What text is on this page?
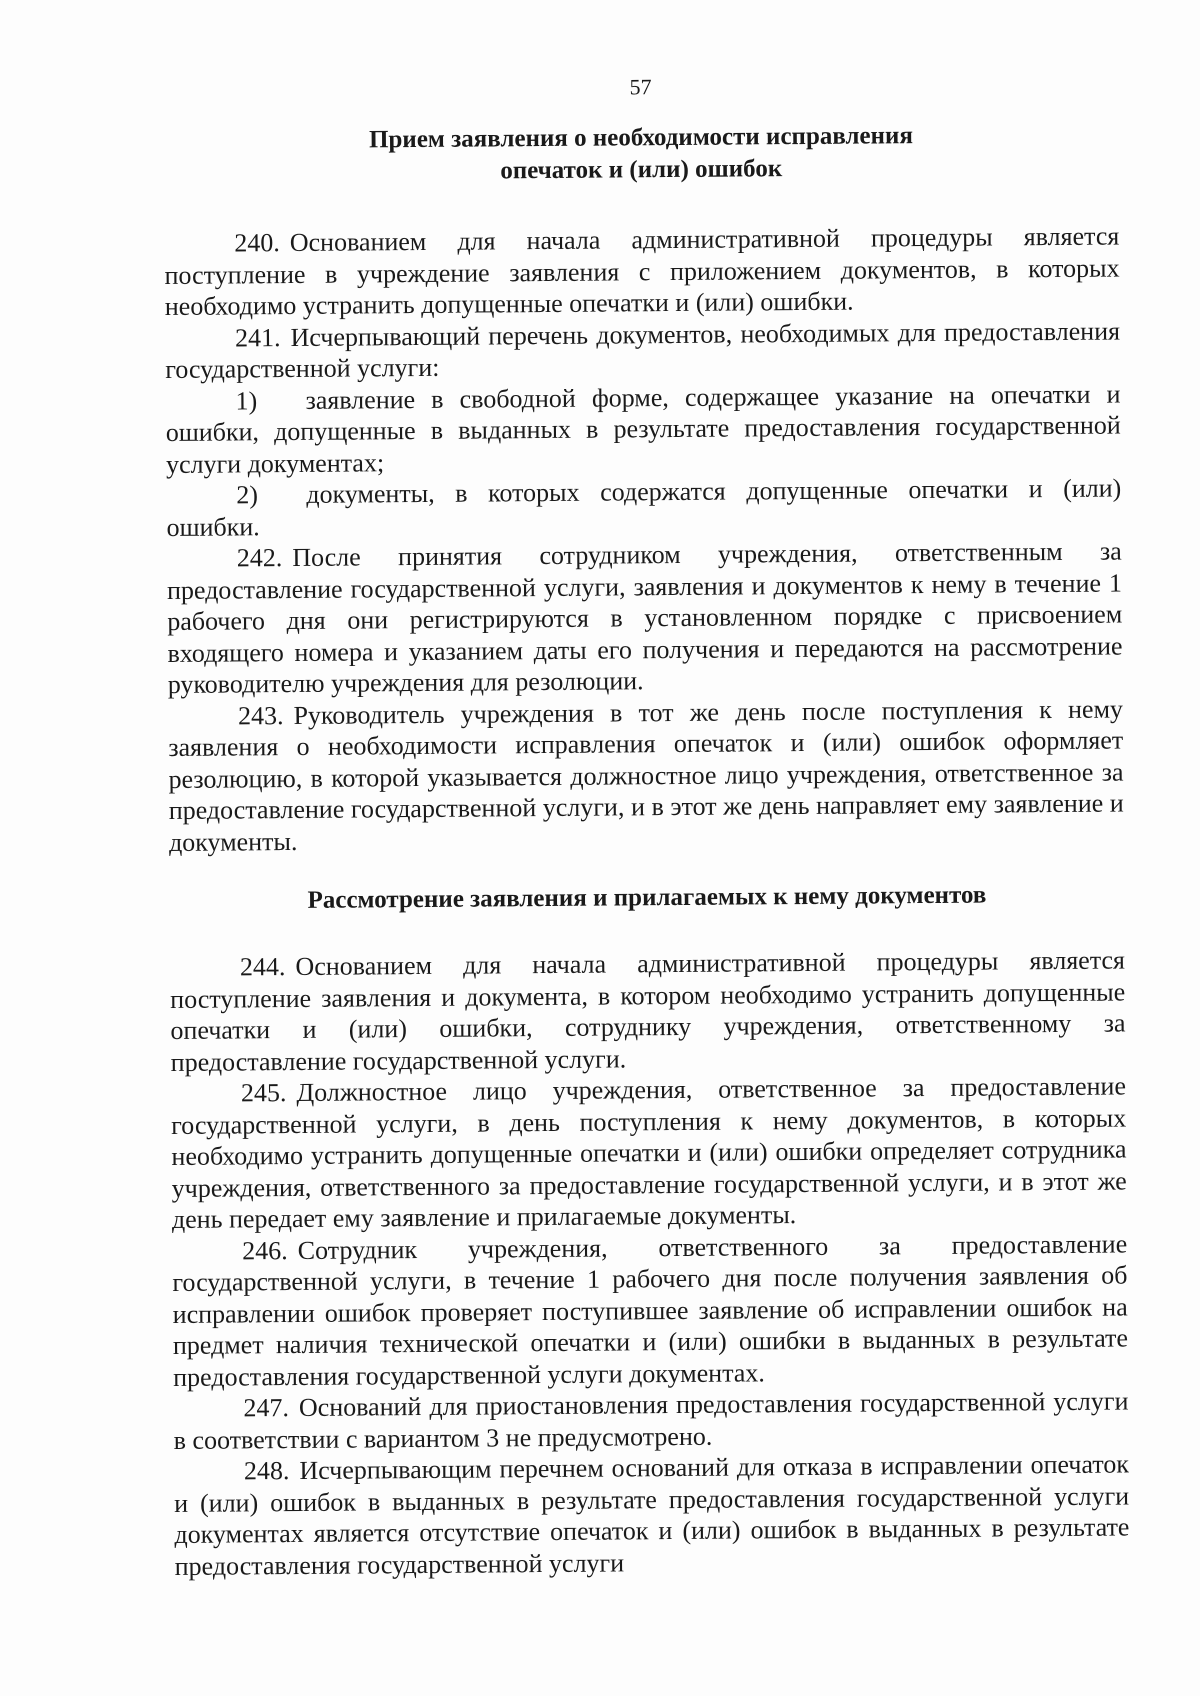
57
Прием заявления о необходимости исправления
опечаток и (или) ошибок

240. Основанием для начала административной процедуры является поступление в учреждение заявления с приложением документов, в которых необходимо устранить допущенные опечатки и (или) ошибки.

241. Исчерпывающий перечень документов, необходимых для предоставления государственной услуги:

1) заявление в свободной форме, содержащее указание на опечатки и ошибки, допущенные в выданных в результате предоставления государственной услуги документах;

2) документы, в которых содержатся допущенные опечатки и (или) ошибки.

242. После принятия сотрудником учреждения, ответственным за предоставление государственной услуги, заявления и документов к нему в течение 1 рабочего дня они регистрируются в установленном порядке с присвоением входящего номера и указанием даты его получения и передаются на рассмотрение руководителю учреждения для резолюции.

243. Руководитель учреждения в тот же день после поступления к нему заявления о необходимости исправления опечаток и (или) ошибок оформляет резолюцию, в которой указывается должностное лицо учреждения, ответственное за предоставление государственной услуги, и в этот же день направляет ему заявление и документы.

Рассмотрение заявления и прилагаемых к нему документов

244. Основанием для начала административной процедуры является поступление заявления и документа, в котором необходимо устранить допущенные опечатки и (или) ошибки, сотруднику учреждения, ответственному за предоставление государственной услуги.

245. Должностное лицо учреждения, ответственное за предоставление государственной услуги, в день поступления к нему документов, в которых необходимо устранить допущенные опечатки и (или) ошибки определяет сотрудника учреждения, ответственного за предоставление государственной услуги, и в этот же день передает ему заявление и прилагаемые документы.

246. Сотрудник учреждения, ответственного за предоставление государственной услуги, в течение 1 рабочего дня после получения заявления об исправлении ошибок проверяет поступившее заявление об исправлении ошибок на предмет наличия технической опечатки и (или) ошибки в выданных в результате предоставления государственной услуги документах.

247. Оснований для приостановления предоставления государственной услуги в соответствии с вариантом 3 не предусмотрено.

248. Исчерпывающим перечнем оснований для отказа в исправлении опечаток и (или) ошибок в выданных в результате предоставления государственной услуги документах является отсутствие опечаток и (или) ошибок в выданных в результате предоставления государственной услуги
